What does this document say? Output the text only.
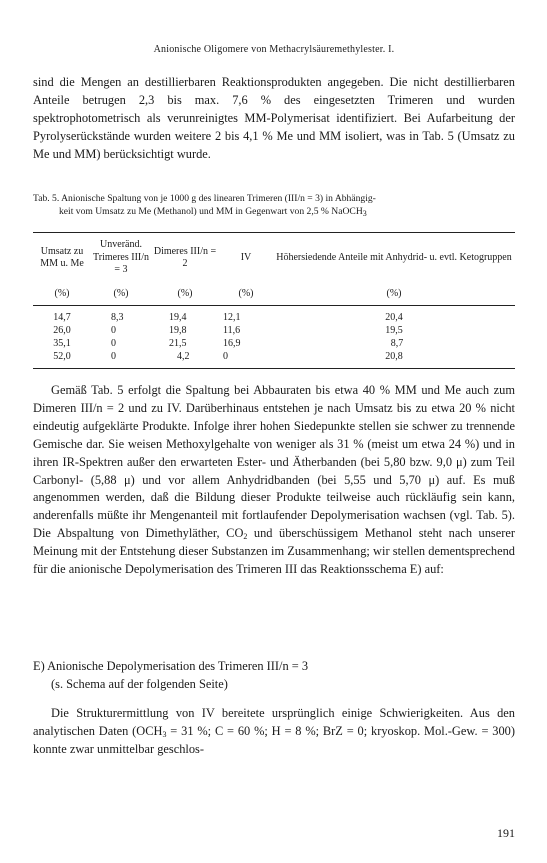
Anionische Oligomere von Methacrylsäuremethylester. I.

sind die Mengen an destillierbaren Reaktionsprodukten angegeben. Die nicht destillierbaren Anteile betrugen 2,3 bis max. 7,6 % des eingesetzten Trimeren und wurden spektrophotometrisch als verunreinigtes MM-Polymerisat identifiziert. Bei Aufarbeitung der Pyrolyserückstände wurden weitere 2 bis 4,1 % Me und MM isoliert, was in Tab. 5 (Umsatz zu Me und MM) berücksichtigt wurde.

Tab. 5. Anionische Spaltung von je 1000 g des linearen Trimeren (III/n = 3) in Abhängig-
keit vom Umsatz zu Me (Methanol) und MM in Gegenwart von 2,5 % NaOCH$_3$

Umsatz zu MM u. Me	Unveränd. Trimeres III/n = 3	Dimeres III/n = 2	IV	Höhersiedende Anteile mit Anhydrid- u. evtl. Ketogruppen
(%)	(%)	(%)	(%)	(%)
14,7	8,3	19,4	12,1	20,4
26,0	0	19,8	11,6	19,5
35,1	0	21,5	16,9	8,7
52,0	0	4,2	0	20,8

Gemäß Tab. 5 erfolgt die Spaltung bei Abbauraten bis etwa 40 % MM und Me auch zum Dimeren III/n = 2 und zu IV. Darüberhinaus entstehen je nach Umsatz bis zu etwa 20 % nicht eindeutig aufgeklärte Produkte. Infolge ihrer hohen Siedepunkte stellen sie schwer zu trennende Gemische dar. Sie weisen Methoxylgehalte von weniger als 31 % (meist um etwa 24 %) und in ihren IR-Spektren außer den erwarteten Ester- und Ätherbanden (bei 5,80 bzw. 9,0 μ) zum Teil Carbonyl- (5,88 μ) und vor allem Anhydridbanden (bei 5,55 und 5,70 μ) auf. Es muß angenommen werden, daß die Bildung dieser Produkte teilweise auch rückläufig sein kann, anderenfalls müßte ihr Mengenanteil mit fortlaufender Depolymerisation wachsen (vgl. Tab. 5). Die Abspaltung von Dimethyläther, $CO_2$ und überschüssigem Methanol steht nach unserer Meinung mit der Entstehung dieser Substanzen im Zusammenhang; wir stellen dementsprechend für die anionische Depolymerisation des Trimeren III das Reaktionsschema E) auf:

E) Anionische Depolymerisation des Trimeren III/n = 3
(s. Schema auf der folgenden Seite)

Die Strukturermittlung von IV bereitete ursprünglich einige Schwierigkeiten. Aus den analytischen Daten ($OCH_3 = 31$ %; C = 60 %; H = 8 %; BrZ = 0; kryoskop. Mol.-Gew. = 300) konnte zwar unmittelbar geschlos-

191
